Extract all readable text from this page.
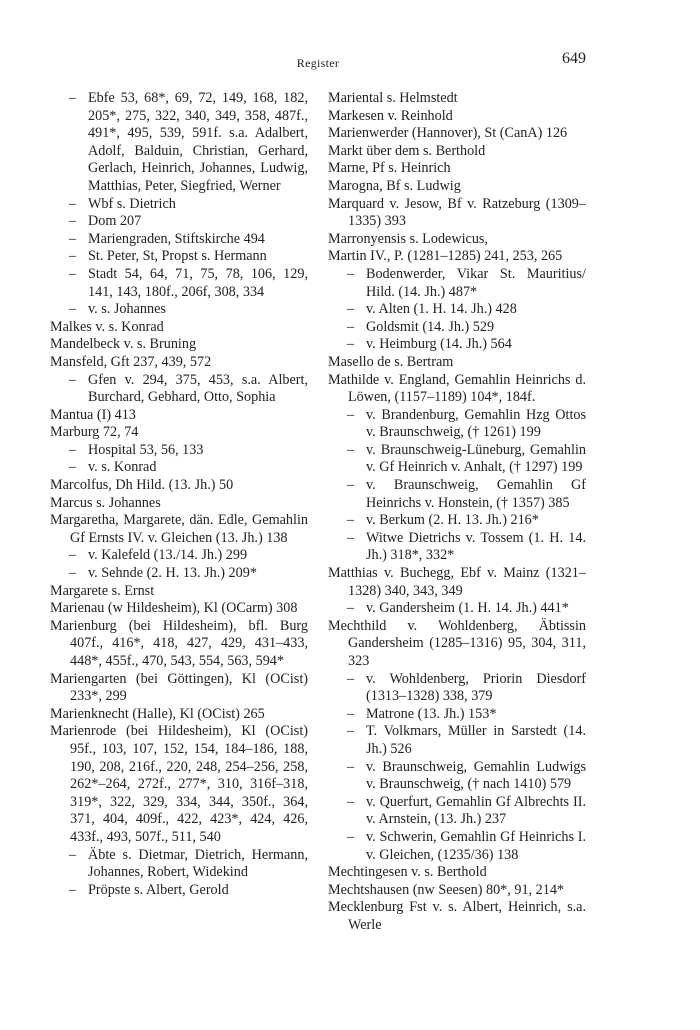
Register	649

– Ebfe 53, 68*, 69, 72, 149, 168, 182, 205*, 275, 322, 340, 349, 358, 487f., 491*, 495, 539, 591f. s.a. Adalbert, Adolf, Balduin, Christian, Gerhard, Gerlach, Heinrich, Johannes, Ludwig, Matthias, Peter, Siegfried, Werner

– Wbf s. Dietrich

– Dom 207

– Mariengraden, Stiftskirche 494

– St. Peter, St, Propst s. Hermann

– Stadt 54, 64, 71, 75, 78, 106, 129, 141, 143, 180f., 206f, 308, 334

– v. s. Johannes

Malkes v. s. Konrad

Mandelbeck v. s. Bruning

Mansfeld, Gft 237, 439, 572

– Gfen v. 294, 375, 453, s.a. Albert, Burchard, Gebhard, Otto, Sophia

Mantua (I) 413

Marburg 72, 74

– Hospital 53, 56, 133

– v. s. Konrad

Marcolfus, Dh Hild. (13. Jh.) 50

Marcus s. Johannes

Margaretha, Margarete, dän. Edle, Gemahlin Gf Ernsts IV. v. Gleichen (13. Jh.) 138

– v. Kalefeld (13./14. Jh.) 299

– v. Sehnde (2. H. 13. Jh.) 209*

Margarete s. Ernst

Marienau (w Hildesheim), Kl (OCarm) 308

Marienburg (bei Hildesheim), bfl. Burg 407f., 416*, 418, 427, 429, 431–433, 448*, 455f., 470, 543, 554, 563, 594*

Mariengarten (bei Göttingen), Kl (OCist) 233*, 299

Marienknecht (Halle), Kl (OCist) 265

Marienrode (bei Hildesheim), Kl (OCist) 95f., 103, 107, 152, 154, 184–186, 188, 190, 208, 216f., 220, 248, 254–256, 258, 262*–264, 272f., 277*, 310, 316f–318, 319*, 322, 329, 334, 344, 350f., 364, 371, 404, 409f., 422, 423*, 424, 426, 433f., 493, 507f., 511, 540

– Äbte s. Dietmar, Dietrich, Hermann, Johannes, Robert, Widekind

– Pröpste s. Albert, Gerold

Mariental s. Helmstedt

Markesen v. Reinhold

Marienwerder (Hannover), St (CanA) 126

Markt über dem s. Berthold

Marne, Pf s. Heinrich

Marogna, Bf s. Ludwig

Marquard v. Jesow, Bf v. Ratzeburg (1309–1335) 393

Marronyensis s. Lodewicus,

Martin IV., P. (1281–1285) 241, 253, 265

– Bodenwerder, Vikar St. Mauritius/ Hild. (14. Jh.) 487*

– v. Alten (1. H. 14. Jh.) 428

– Goldsmit (14. Jh.) 529

– v. Heimburg (14. Jh.) 564

Masello de s. Bertram

Mathilde v. England, Gemahlin Heinrichs d. Löwen, (1157–1189) 104*, 184f.

– v. Brandenburg, Gemahlin Hzg Ottos v. Braunschweig, († 1261) 199

– v. Braunschweig-Lüneburg, Gemahlin v. Gf Heinrich v. Anhalt, († 1297) 199

– v. Braunschweig, Gemahlin Gf Heinrichs v. Honstein, († 1357) 385

– v. Berkum (2. H. 13. Jh.) 216*

– Witwe Dietrichs v. Tossem (1. H. 14. Jh.) 318*, 332*

Matthias v. Buchegg, Ebf v. Mainz (1321–1328) 340, 343, 349

– v. Gandersheim (1. H. 14. Jh.) 441*

Mechthild v. Wohldenberg, Äbtissin Gandersheim (1285–1316) 95, 304, 311, 323

– v. Wohldenberg, Priorin Diesdorf (1313–1328) 338, 379

– Matrone (13. Jh.) 153*

– T. Volkmars, Müller in Sarstedt (14. Jh.) 526

– v. Braunschweig, Gemahlin Ludwigs v. Braunschweig, († nach 1410) 579

– v. Querfurt, Gemahlin Gf Albrechts II. v. Arnstein, (13. Jh.) 237

– v. Schwerin, Gemahlin Gf Heinrichs I. v. Gleichen, (1235/36) 138

Mechtingesen v. s. Berthold

Mechtshausen (nw Seesen) 80*, 91, 214*

Mecklenburg Fst v. s. Albert, Heinrich, s.a. Werle
